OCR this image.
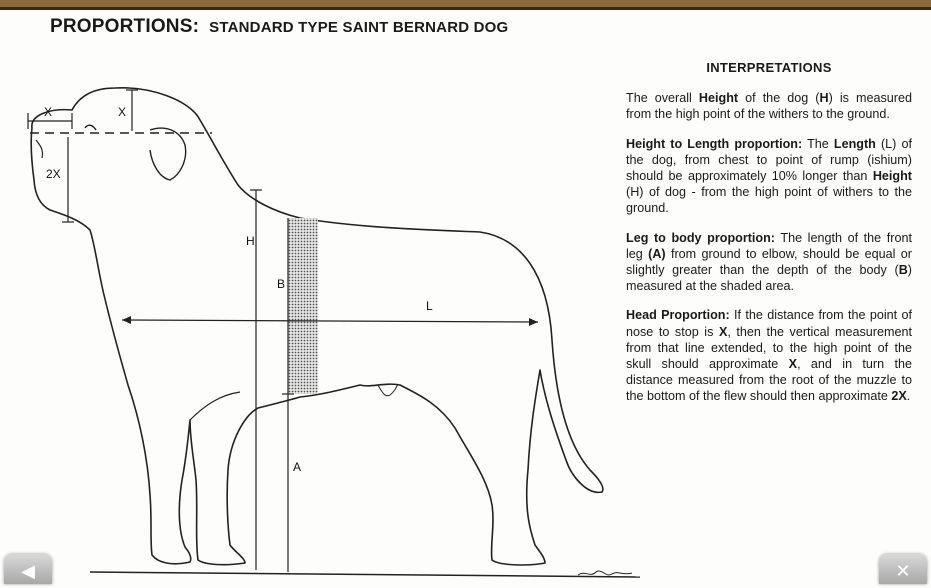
PROPORTIONS: STANDARD TYPE SAINT BERNARD DOG
X	X
2X
H
B
L
A
INTERPRETATIONS

The overall Height of the dog (H) is measured from the high point of the withers to the ground.

Height to Length proportion: The Length (L) of the dog, from chest to point of rump (ishium) should be approximately 10% longer than Height (H) of dog - from the high point of withers to the ground.

Leg to body proportion: The length of the front leg (A) from ground to elbow, should be equal or slightly greater than the depth of the body (B) measured at the shaded area.

Head Proportion: If the distance from the point of nose to stop is X, then the vertical measurement from that line extended, to the high point of the skull should approximate X, and in turn the distance measured from the root of the muzzle to the bottom of the flew should then approximate 2X.

◀	✕
